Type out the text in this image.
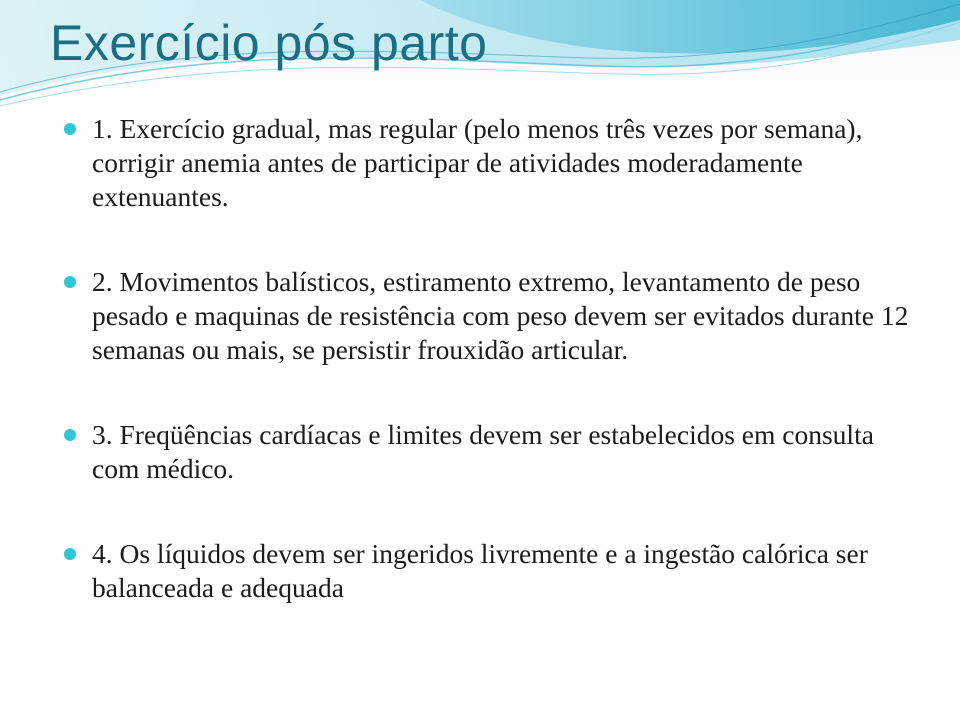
Exercício pós parto
1. Exercício gradual, mas regular (pelo menos três vezes por semana), corrigir anemia antes de participar de atividades moderadamente extenuantes.
2. Movimentos balísticos, estiramento extremo, levantamento de peso pesado e maquinas de resistência com peso devem ser evitados durante 12 semanas ou mais, se persistir frouxidão articular.
3. Freqüências cardíacas e limites devem ser estabelecidos em consulta com médico.
4. Os líquidos devem ser ingeridos livremente e a ingestão calórica ser balanceada e adequada
